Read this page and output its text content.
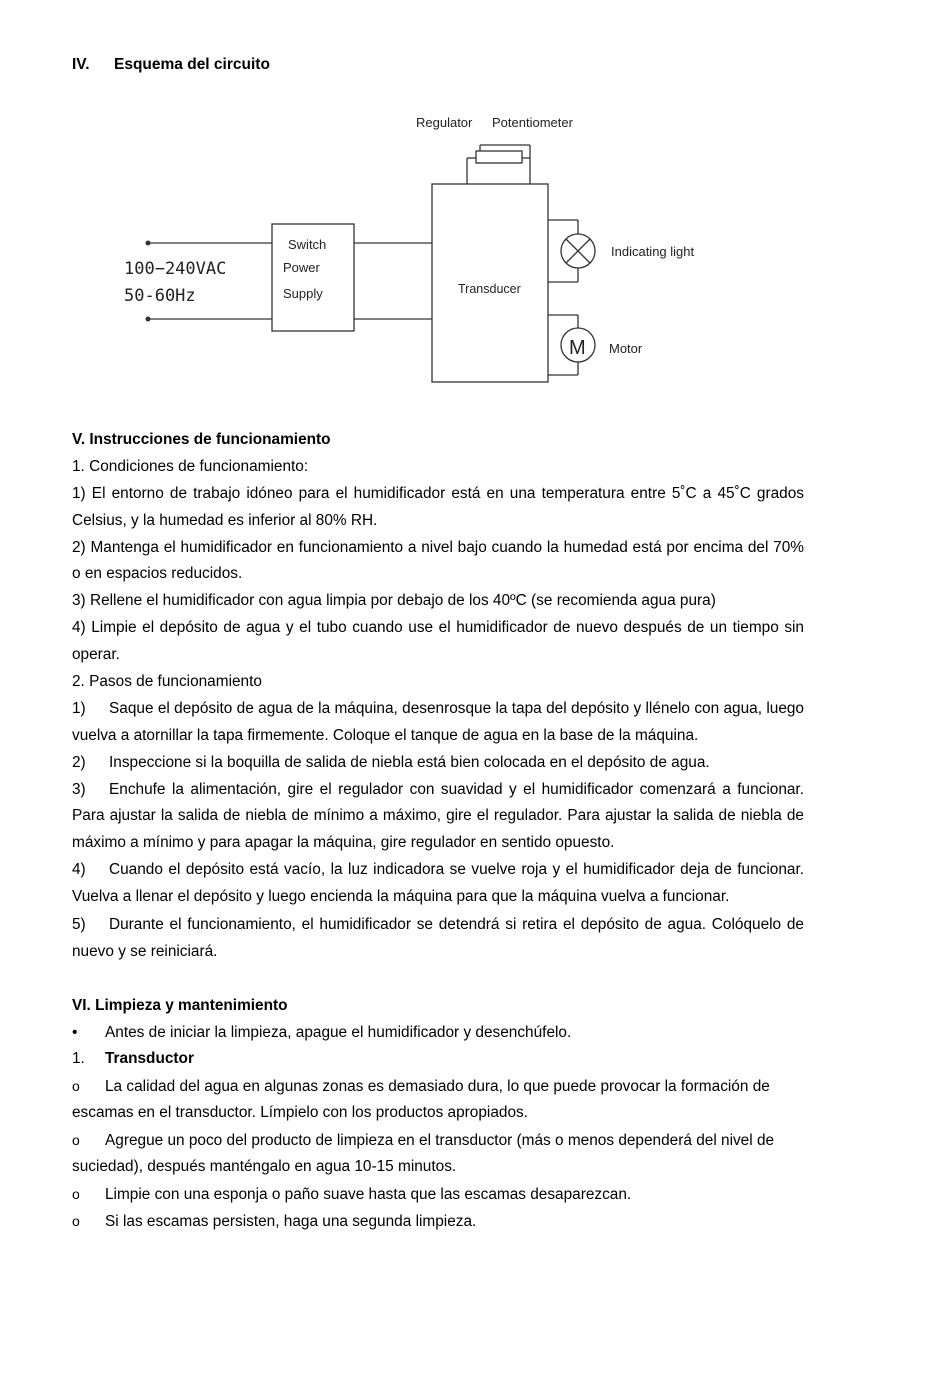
IV. Esquema del circuito
Regulator Potentiometer
100−240VAC
50-60Hz
Switch
Power
Supply	Transducer
Indicating light
M Motor
V. Instrucciones de funcionamiento
1. Condiciones de funcionamiento:
1) El entorno de trabajo idóneo para el humidificador está en una temperatura entre 5˚C a 45˚C grados
Celsius, y la humedad es inferior al 80% RH.
2) Mantenga el humidificador en funcionamiento a nivel bajo cuando la humedad está por encima del 70%
o en espacios reducidos.
3) Rellene el humidificador con agua limpia por debajo de los 40ºC (se recomienda agua pura)
4) Limpie el depósito de agua y el tubo cuando use el humidificador de nuevo después de un tiempo sin
operar.
2. Pasos de funcionamiento
1) Saque el depósito de agua de la máquina, desenrosque la tapa del depósito y llénelo con agua, luego
vuelva a atornillar la tapa firmemente. Coloque el tanque de agua en la base de la máquina.
2) Inspeccione si la boquilla de salida de niebla está bien colocada en el depósito de agua.
3) Enchufe la alimentación, gire el regulador con suavidad y el humidificador comenzará a funcionar.
Para ajustar la salida de niebla de mínimo a máximo, gire el regulador. Para ajustar la salida de niebla de
máximo a mínimo y para apagar la máquina, gire regulador en sentido opuesto.
4) Cuando el depósito está vacío, la luz indicadora se vuelve roja y el humidificador deja de funcionar.
Vuelva a llenar el depósito y luego encienda la máquina para que la máquina vuelva a funcionar.
5) Durante el funcionamiento, el humidificador se detendrá si retira el depósito de agua. Colóquelo de
nuevo y se reiniciará.
VI. Limpieza y mantenimiento
• Antes de iniciar la limpieza, apague el humidificador y desenchúfelo.
1. Transductor
o La calidad del agua en algunas zonas es demasiado dura, lo que puede provocar la formación de
escamas en el transductor. Límpielo con los productos apropiados.
o Agregue un poco del producto de limpieza en el transductor (más o menos dependerá del nivel de
suciedad), después manténgalo en agua 10-15 minutos.
o Limpie con una esponja o paño suave hasta que las escamas desaparezcan.
o Si las escamas persisten, haga una segunda limpieza.
